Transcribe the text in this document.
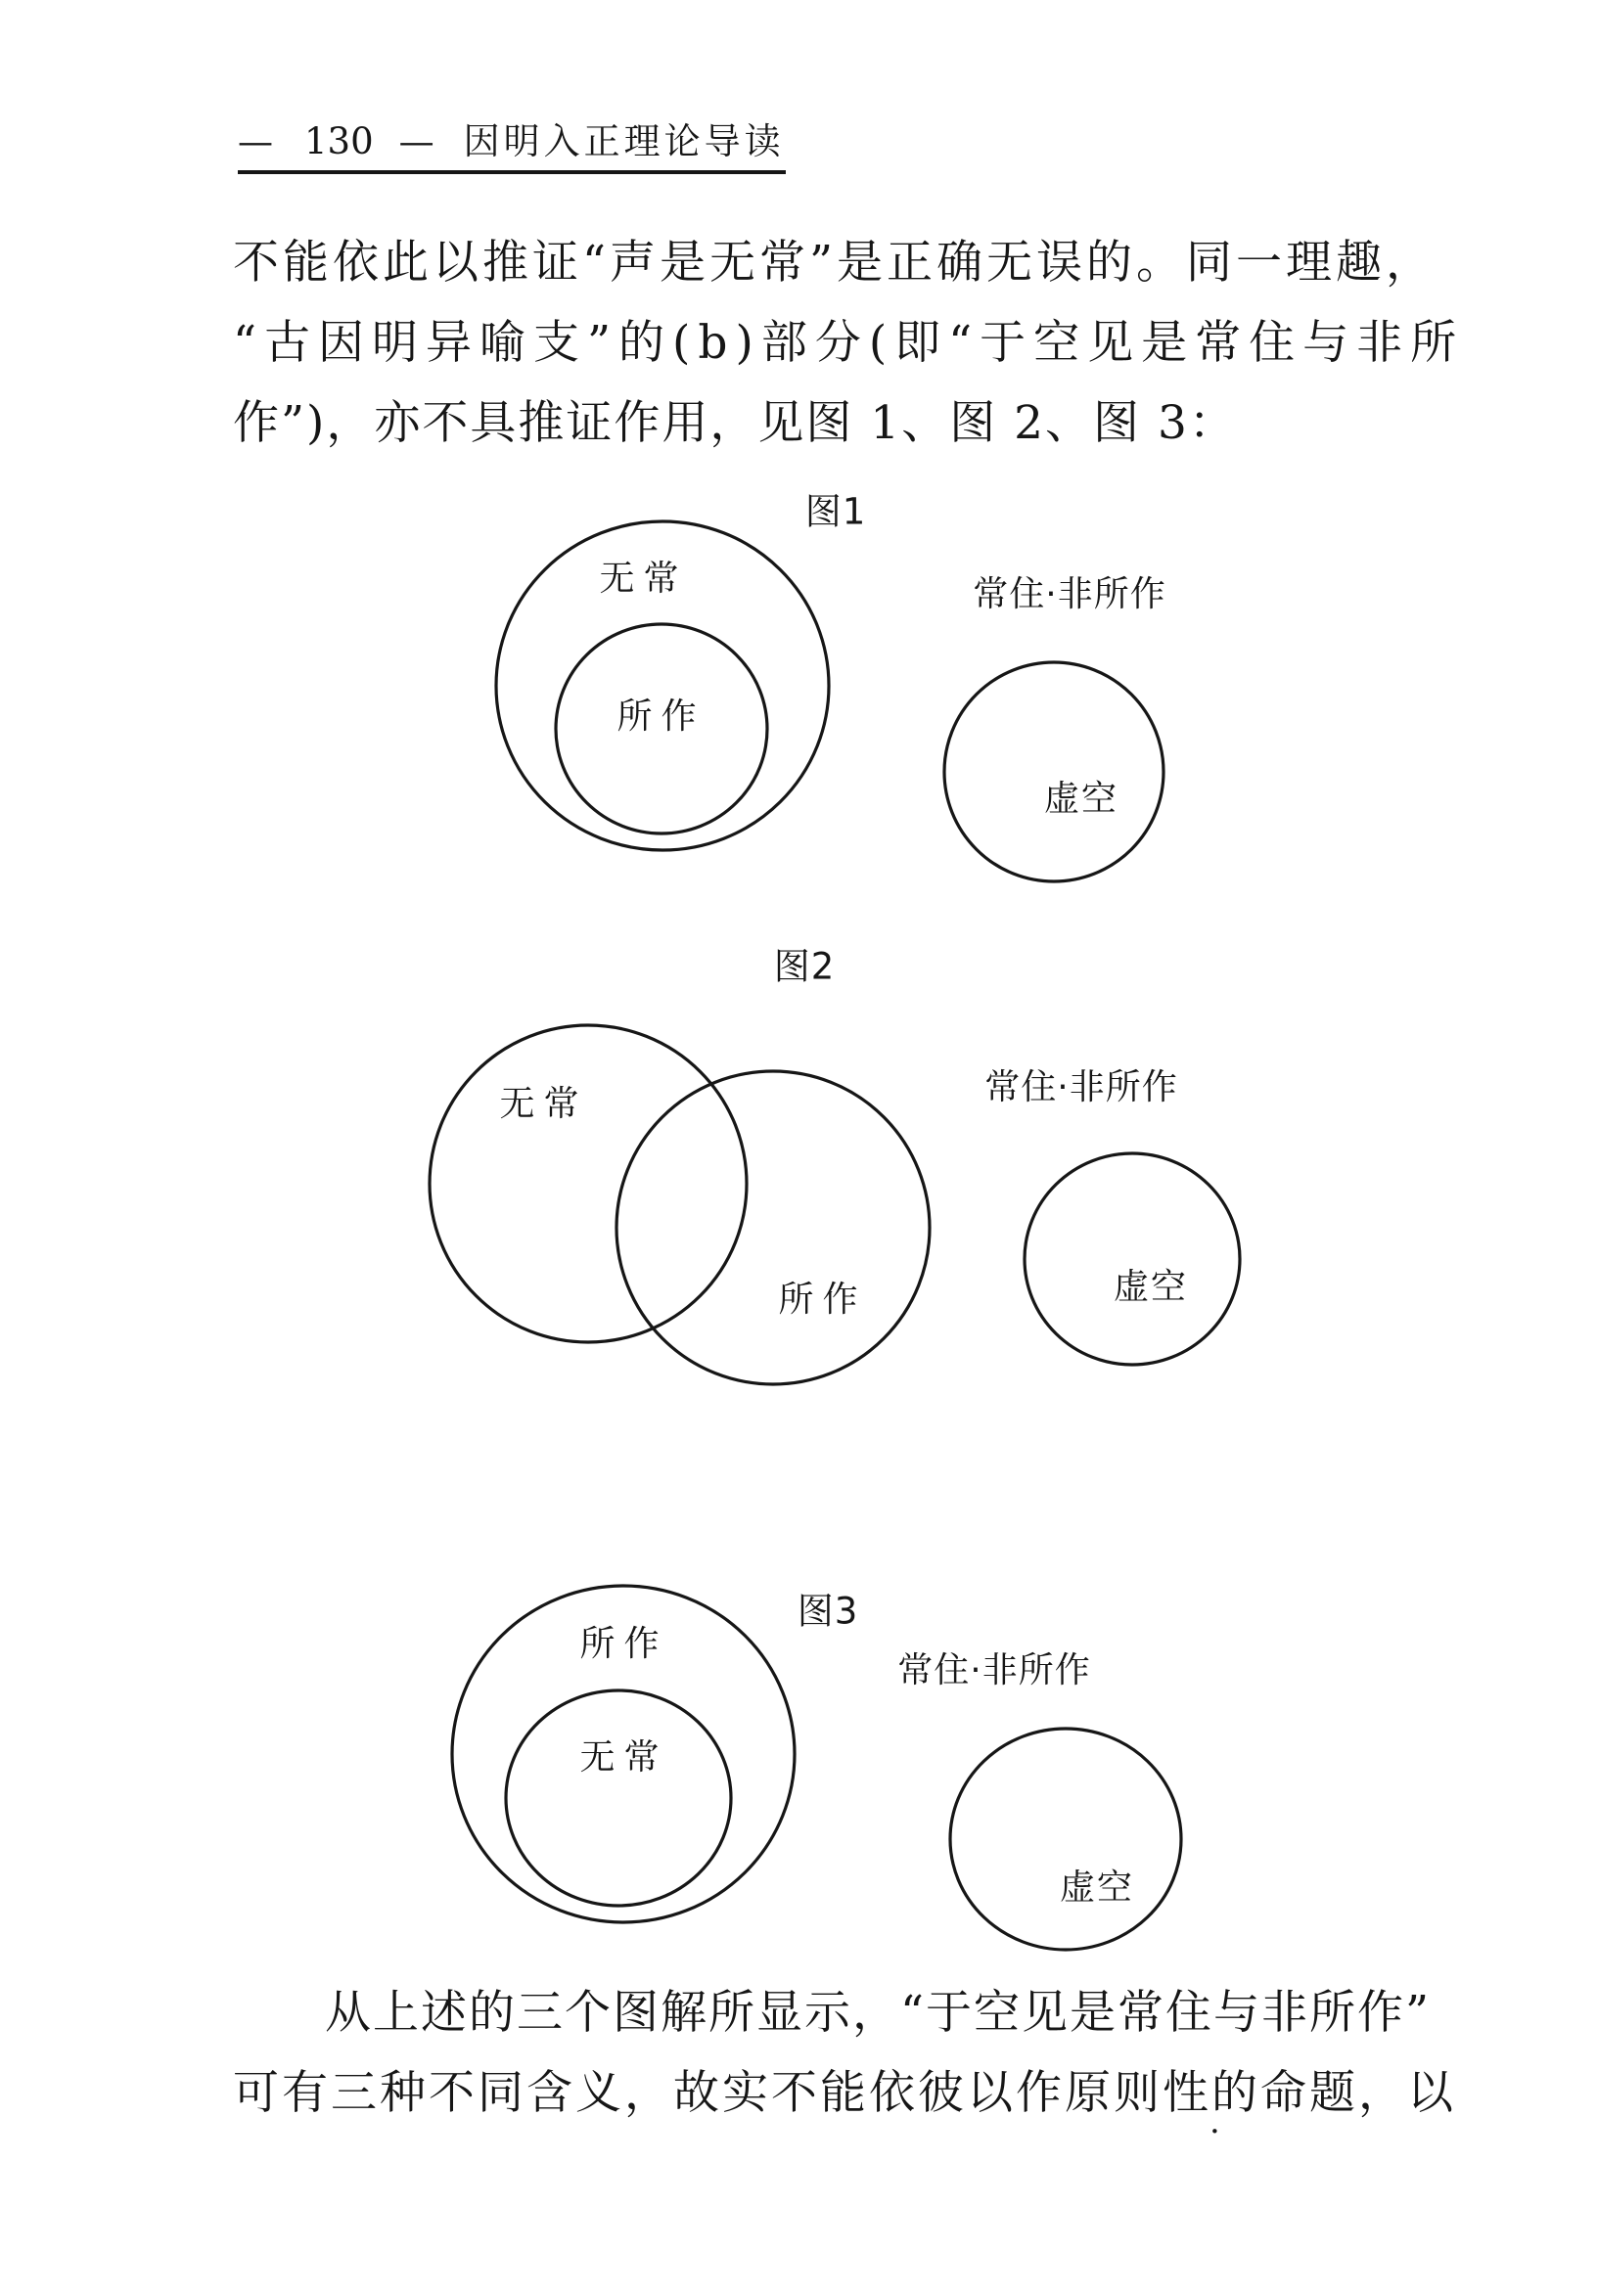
— 130 — 因明入正理论导读
不能依此以推证“声是无常”是正确无误的。同一理趣，
“古因明异喻支”的(b)部分(即“于空见是常住与非所
作”)，亦不具推证作用，见图 1、图 2、图 3：
图1
无常
所作
常住·非所作
虚空
图2
无常
所作
常住·非所作
虚空
图3
所作
无常
常住·非所作
虚空
从上述的三个图解所显示，“于空见是常住与非所作”
可有三种不同含义，故实不能依彼以作原则性的命题，以
·
